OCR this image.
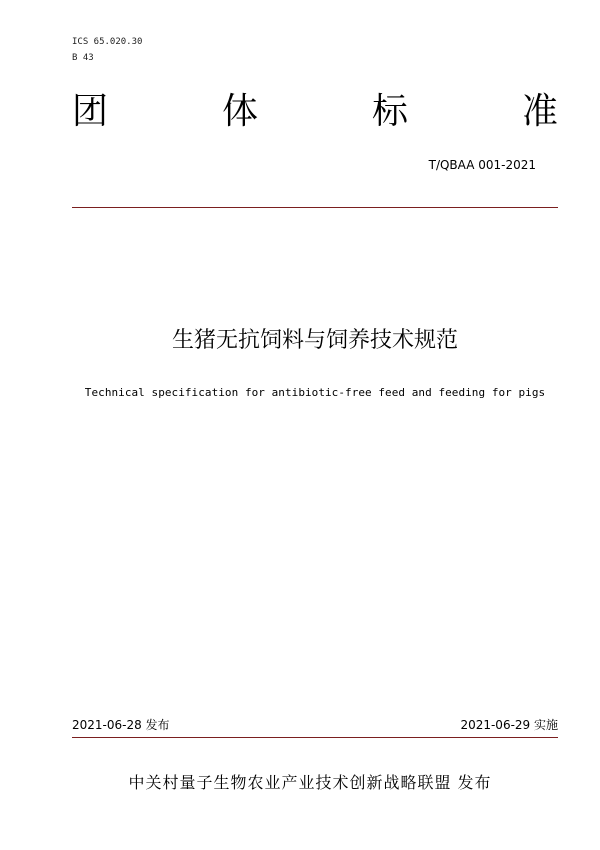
ICS 65.020.30
B 43
团	体	标	准
T/QBAA 001-2021
生猪无抗饲料与饲养技术规范
Technical specification for antibiotic-free feed and feeding for pigs
2021-06-28 发布	2021-06-29 实施
中关村量子生物农业产业技术创新战略联盟 发布
